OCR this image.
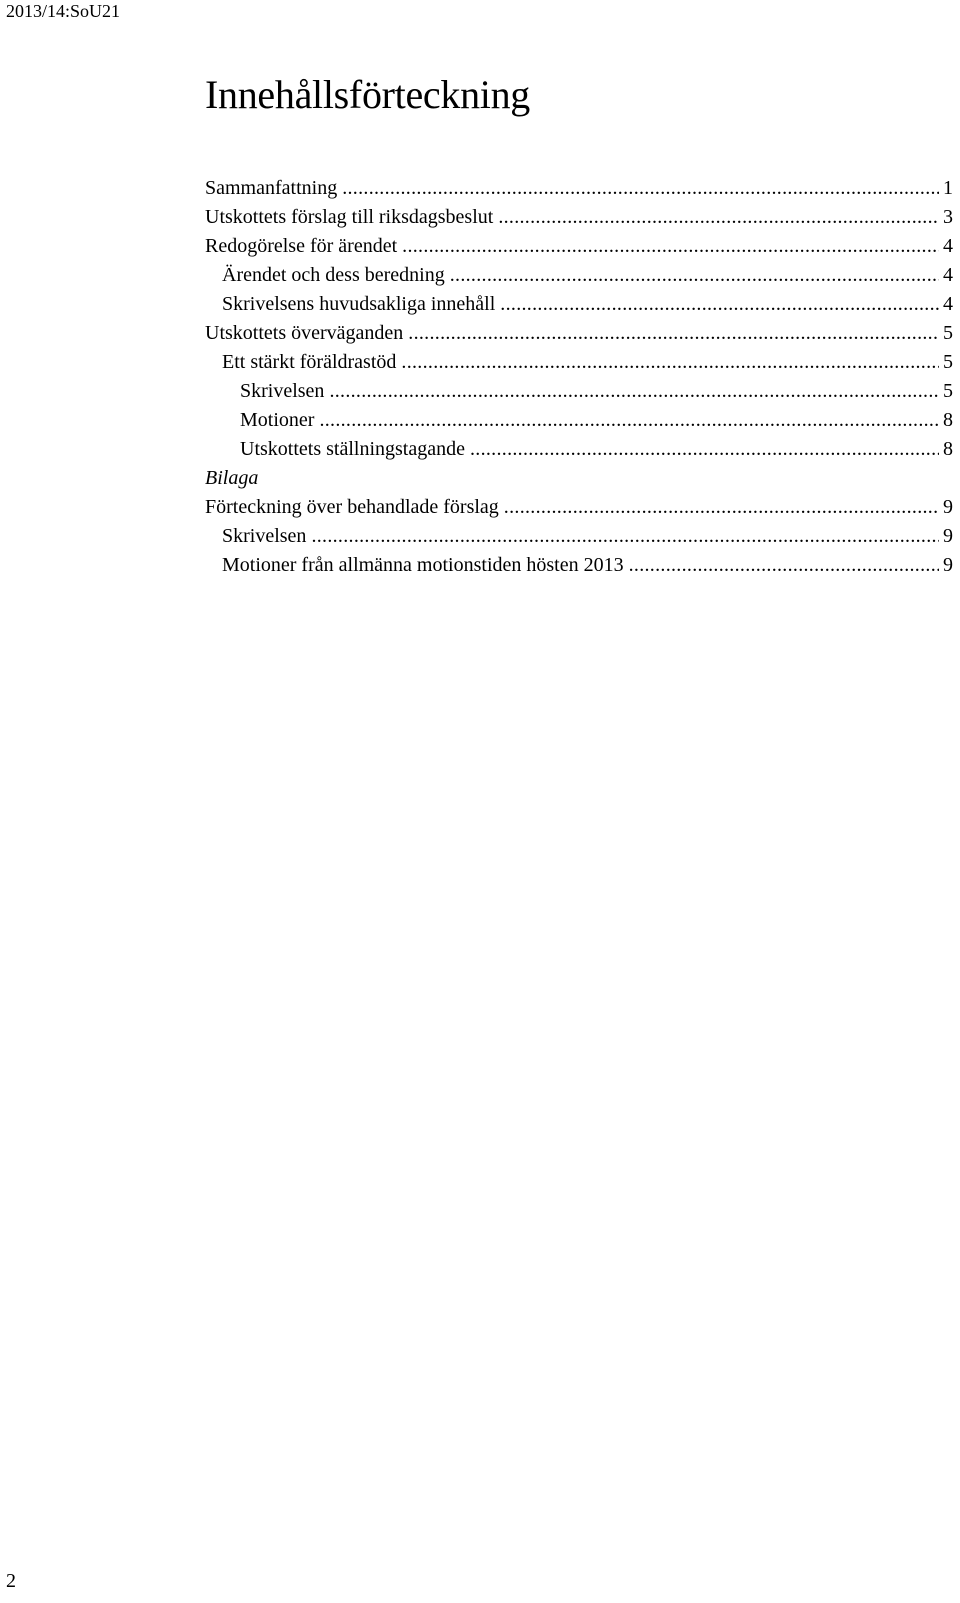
2013/14:SoU21
Innehållsförteckning
Sammanfattning .....	1
Utskottets förslag till riksdagsbeslut .....	3
Redogörelse för ärendet .....	4
Ärendet och dess beredning .....	4
Skrivelsens huvudsakliga innehåll .....	4
Utskottets överväganden .....	5
Ett stärkt föräldrastöd .....	5
Skrivelsen .....	5
Motioner .....	8
Utskottets ställningstagande .....	8
Bilaga
Förteckning över behandlade förslag .....	9
Skrivelsen .....	9
Motioner från allmänna motionstiden hösten 2013 .....	9
2
